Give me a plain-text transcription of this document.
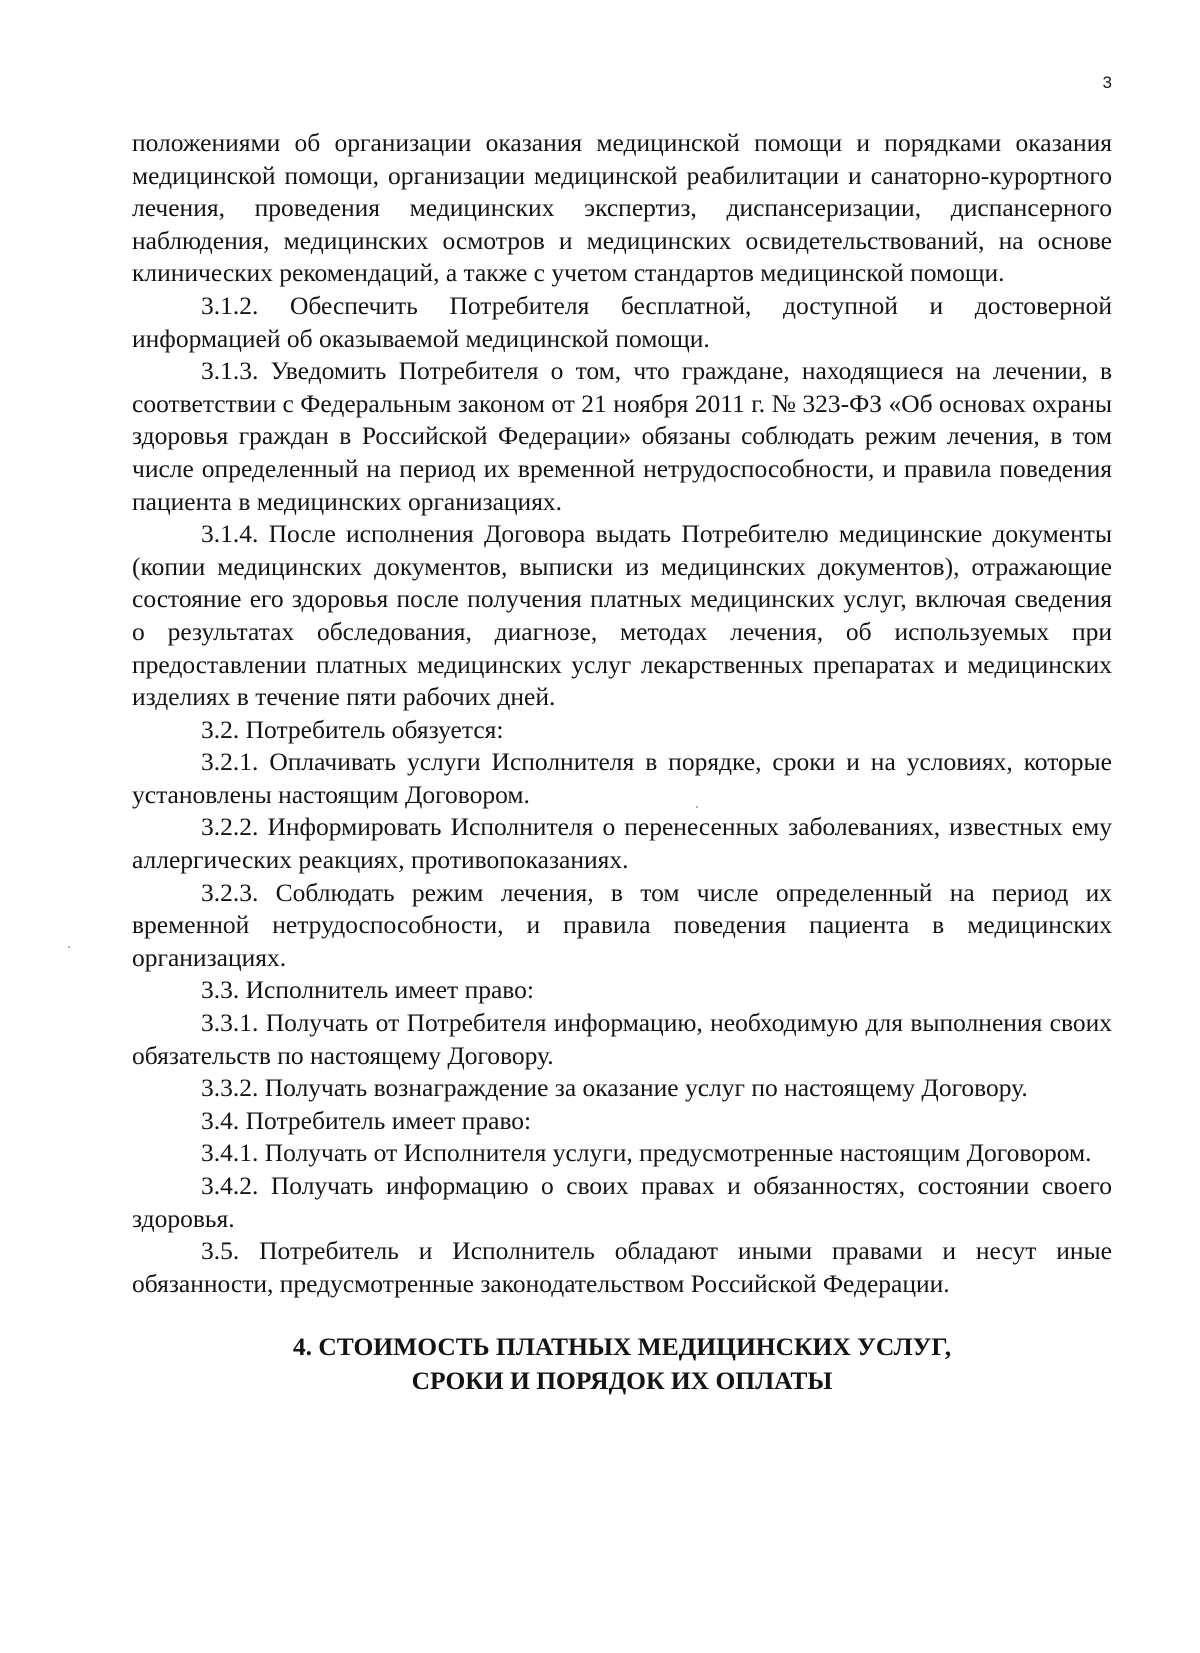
3

положениями об организации оказания медицинской помощи и порядками оказания медицинской помощи, организации медицинской реабилитации и санаторно-курортного лечения, проведения медицинских экспертиз, диспансеризации, диспансерного наблюдения, медицинских осмотров и медицинских освидетельствований, на основе клинических рекомендаций, а также с учетом стандартов медицинской помощи.

3.1.2. Обеспечить Потребителя бесплатной, доступной и достоверной информацией об оказываемой медицинской помощи.

3.1.3. Уведомить Потребителя о том, что граждане, находящиеся на лечении, в соответствии с Федеральным законом от 21 ноября 2011 г. № 323-ФЗ «Об основах охраны здоровья граждан в Российской Федерации» обязаны соблюдать режим лечения, в том числе определенный на период их временной нетрудоспособности, и правила поведения пациента в медицинских организациях.

3.1.4. После исполнения Договора выдать Потребителю медицинские документы (копии медицинских документов, выписки из медицинских документов), отражающие состояние его здоровья после получения платных медицинских услуг, включая сведения о результатах обследования, диагнозе, методах лечения, об используемых при предоставлении платных медицинских услуг лекарственных препаратах и медицинских изделиях в течение пяти рабочих дней.

3.2. Потребитель обязуется:

3.2.1. Оплачивать услуги Исполнителя в порядке, сроки и на условиях, которые установлены настоящим Договором.

3.2.2. Информировать Исполнителя о перенесенных заболеваниях, известных ему аллергических реакциях, противопоказаниях.

3.2.3. Соблюдать режим лечения, в том числе определенный на период их временной нетрудоспособности, и правила поведения пациента в медицинских организациях.

3.3. Исполнитель имеет право:

3.3.1. Получать от Потребителя информацию, необходимую для выполнения своих обязательств по настоящему Договору.

3.3.2. Получать вознаграждение за оказание услуг по настоящему Договору.

3.4. Потребитель имеет право:

3.4.1. Получать от Исполнителя услуги, предусмотренные настоящим Договором.

3.4.2. Получать информацию о своих правах и обязанностях, состоянии своего здоровья.

3.5. Потребитель и Исполнитель обладают иными правами и несут иные обязанности, предусмотренные законодательством Российской Федерации.

4. СТОИМОСТЬ ПЛАТНЫХ МЕДИЦИНСКИХ УСЛУГ,
СРОКИ И ПОРЯДОК ИХ ОПЛАТЫ
